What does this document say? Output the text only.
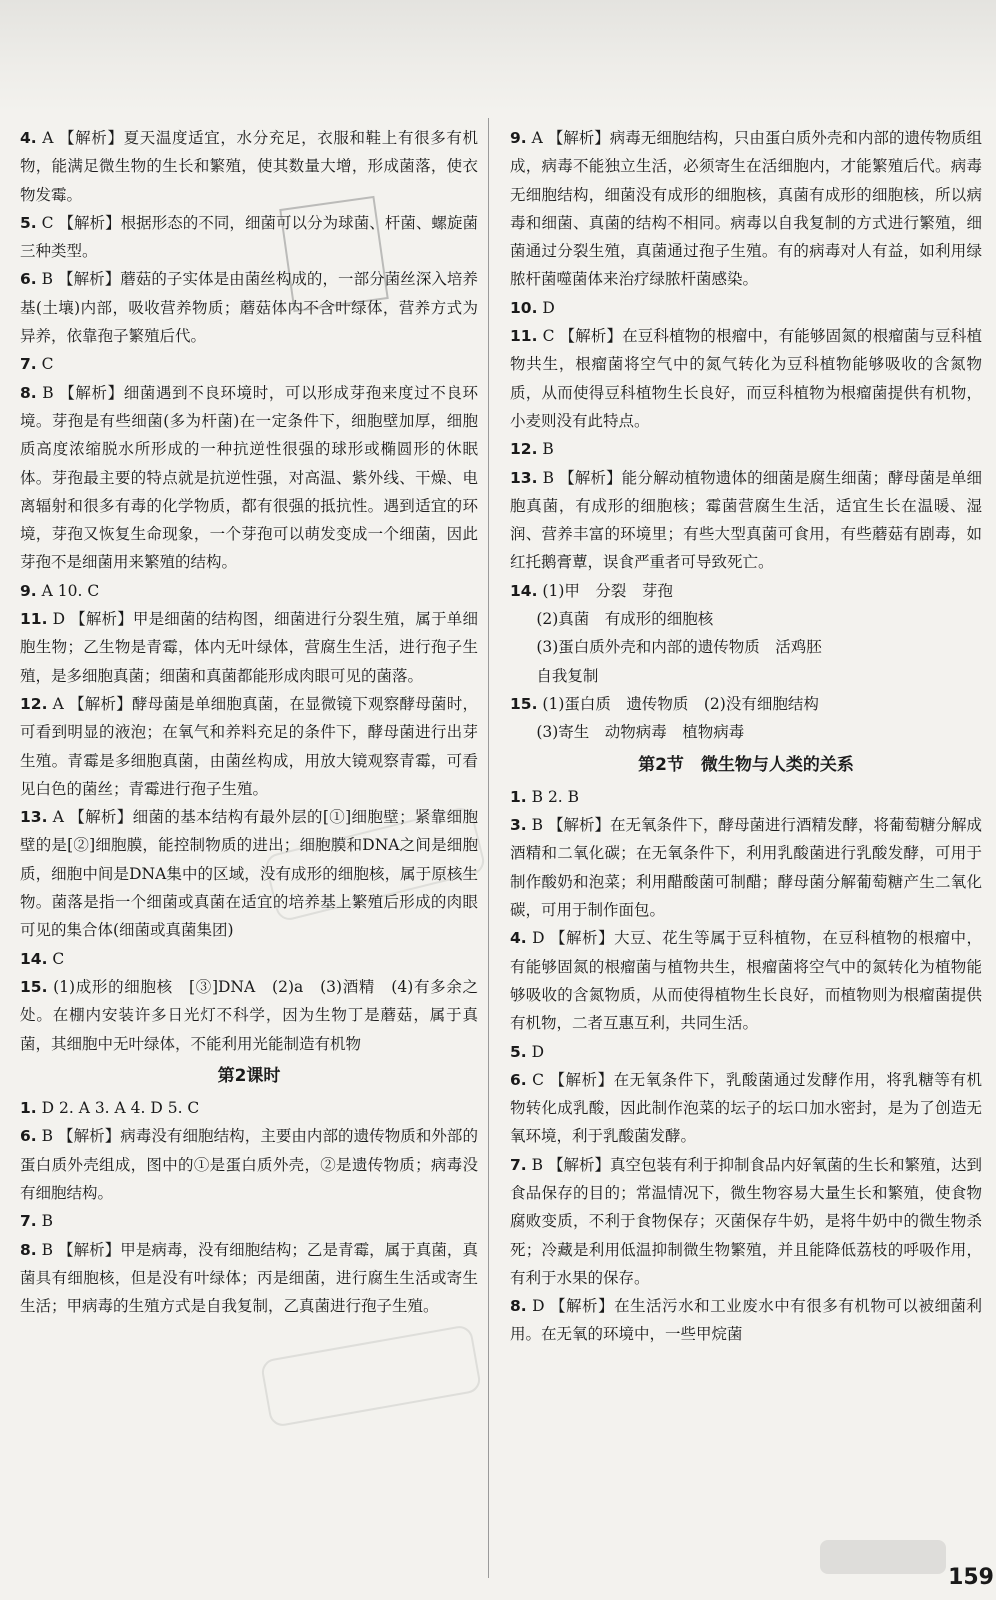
4. A 【解析】夏天温度适宜，水分充足，衣服和鞋上有很多有机物，能满足微生物的生长和繁殖，使其数量大增，形成菌落，使衣物发霉。

5. C 【解析】根据形态的不同，细菌可以分为球菌、杆菌、螺旋菌三种类型。

6. B 【解析】蘑菇的子实体是由菌丝构成的，一部分菌丝深入培养基(土壤)内部，吸收营养物质；蘑菇体内不含叶绿体，营养方式为异养，依靠孢子繁殖后代。

7. C

8. B 【解析】细菌遇到不良环境时，可以形成芽孢来度过不良环境。芽孢是有些细菌(多为杆菌)在一定条件下，细胞壁加厚，细胞质高度浓缩脱水所形成的一种抗逆性很强的球形或椭圆形的休眠体。芽孢最主要的特点就是抗逆性强，对高温、紫外线、干燥、电离辐射和很多有毒的化学物质，都有很强的抵抗性。遇到适宜的环境，芽孢又恢复生命现象，一个芽孢可以萌发变成一个细菌，因此芽孢不是细菌用来繁殖的结构。

9. A 10. C

11. D 【解析】甲是细菌的结构图，细菌进行分裂生殖，属于单细胞生物；乙生物是青霉，体内无叶绿体，营腐生生活，进行孢子生殖，是多细胞真菌；细菌和真菌都能形成肉眼可见的菌落。

12. A 【解析】酵母菌是单细胞真菌，在显微镜下观察酵母菌时，可看到明显的液泡；在氧气和养料充足的条件下，酵母菌进行出芽生殖。青霉是多细胞真菌，由菌丝构成，用放大镜观察青霉，可看见白色的菌丝；青霉进行孢子生殖。

13. A 【解析】细菌的基本结构有最外层的[①]细胞壁；紧靠细胞壁的是[②]细胞膜，能控制物质的进出；细胞膜和DNA之间是细胞质，细胞中间是DNA集中的区域，没有成形的细胞核，属于原核生物。菌落是指一个细菌或真菌在适宜的培养基上繁殖后形成的肉眼可见的集合体(细菌或真菌集团)

14. C

15. (1)成形的细胞核　[③]DNA　(2)a　(3)酒精　(4)有多余之处。在棚内安装许多日光灯不科学，因为生物丁是蘑菇，属于真菌，其细胞中无叶绿体，不能利用光能制造有机物

第2课时

1. D 2. A 3. A 4. D 5. C

6. B 【解析】病毒没有细胞结构，主要由内部的遗传物质和外部的蛋白质外壳组成，图中的①是蛋白质外壳，②是遗传物质；病毒没有细胞结构。

7. B

8. B 【解析】甲是病毒，没有细胞结构；乙是青霉，属于真菌，真菌具有细胞核，但是没有叶绿体；丙是细菌，进行腐生生活或寄生生活；甲病毒的生殖方式是自我复制，乙真菌进行孢子生殖。

9. A 【解析】病毒无细胞结构，只由蛋白质外壳和内部的遗传物质组成，病毒不能独立生活，必须寄生在活细胞内，才能繁殖后代。病毒无细胞结构，细菌没有成形的细胞核，真菌有成形的细胞核，所以病毒和细菌、真菌的结构不相同。病毒以自我复制的方式进行繁殖，细菌通过分裂生殖，真菌通过孢子生殖。有的病毒对人有益，如利用绿脓杆菌噬菌体来治疗绿脓杆菌感染。

10. D

11. C 【解析】在豆科植物的根瘤中，有能够固氮的根瘤菌与豆科植物共生，根瘤菌将空气中的氮气转化为豆科植物能够吸收的含氮物质，从而使得豆科植物生长良好，而豆科植物为根瘤菌提供有机物，小麦则没有此特点。

12. B

13. B 【解析】能分解动植物遗体的细菌是腐生细菌；酵母菌是单细胞真菌，有成形的细胞核；霉菌营腐生生活，适宜生长在温暖、湿润、营养丰富的环境里；有些大型真菌可食用，有些蘑菇有剧毒，如红托鹅膏蕈，误食严重者可导致死亡。

14. (1)甲　分裂　芽孢

(2)真菌　有成形的细胞核

(3)蛋白质外壳和内部的遗传物质　活鸡胚

自我复制

15. (1)蛋白质　遗传物质　(2)没有细胞结构

(3)寄生　动物病毒　植物病毒

第2节　微生物与人类的关系

1. B 2. B

3. B 【解析】在无氧条件下，酵母菌进行酒精发酵，将葡萄糖分解成酒精和二氧化碳；在无氧条件下，利用乳酸菌进行乳酸发酵，可用于制作酸奶和泡菜；利用醋酸菌可制醋；酵母菌分解葡萄糖产生二氧化碳，可用于制作面包。

4. D 【解析】大豆、花生等属于豆科植物，在豆科植物的根瘤中，有能够固氮的根瘤菌与植物共生，根瘤菌将空气中的氮转化为植物能够吸收的含氮物质，从而使得植物生长良好，而植物则为根瘤菌提供有机物，二者互惠互利，共同生活。

5. D

6. C 【解析】在无氧条件下，乳酸菌通过发酵作用，将乳糖等有机物转化成乳酸，因此制作泡菜的坛子的坛口加水密封，是为了创造无氧环境，利于乳酸菌发酵。

7. B 【解析】真空包装有利于抑制食品内好氧菌的生长和繁殖，达到食品保存的目的；常温情况下，微生物容易大量生长和繁殖，使食物腐败变质，不利于食物保存；灭菌保存牛奶，是将牛奶中的微生物杀死；冷藏是利用低温抑制微生物繁殖，并且能降低荔枝的呼吸作用，有利于水果的保存。

8. D 【解析】在生活污水和工业废水中有很多有机物可以被细菌利用。在无氧的环境中，一些甲烷菌

159
